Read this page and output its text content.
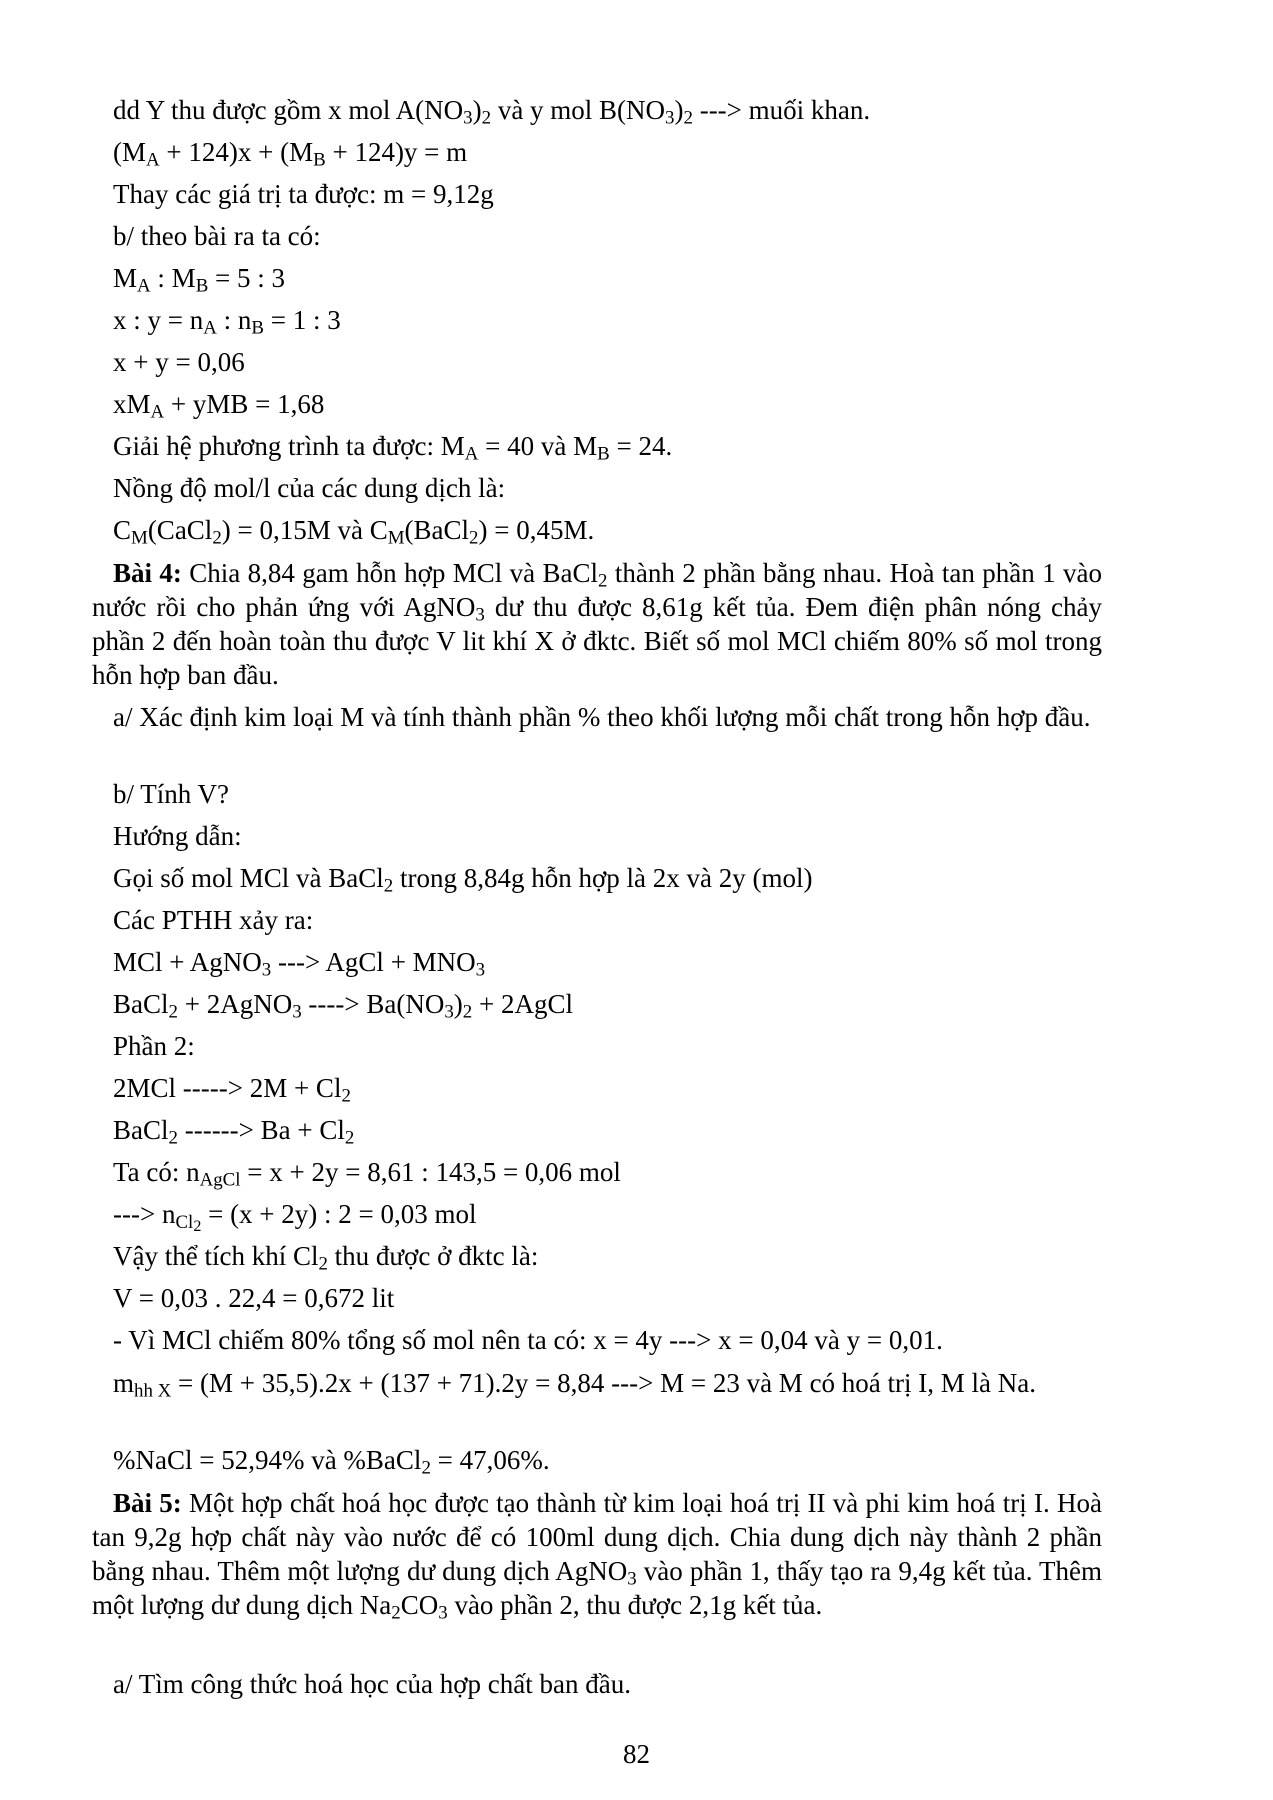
dd Y thu được gồm x mol $A(NO_3)_2$ và y mol $B(NO_3)_2$ ---> muối khan.
$(M_A + 124)x + (M_B + 124)y = m$
Thay các giá trị ta được: m = 9,12g
b/ theo bài ra ta có:
$M_A$ : $M_B = 5$ : 3
x : $y = n_A$ : $n_B = 1$ : 3
x + y = 0,06
$xM_A$ + yMB = 1,68
Giải hệ phương trình ta được: $M_A = 40$ và $M_B = 24$.
Nồng độ mol/l của các dung dịch là:
$C_M(CaCl_2) = 0,15M$ và $C_M(BaCl_2) = 0,45M$.
Bài 4: Chia 8,84 gam hỗn hợp MCl và BaCl$_2$ thành 2 phần bằng nhau. Hoà tan phần 1 vào nước rồi cho phản ứng với AgNO$_3$ dư thu được 8,61g kết tủa. Đem điện phân nóng chảy phần 2 đến hoàn toàn thu được V lit khí X ở đktc. Biết số mol MCl chiếm 80% số mol trong hỗn hợp ban đầu.
a/ Xác định kim loại M và tính thành phần % theo khối lượng mỗi chất trong hỗn hợp đầu.
b/ Tính V?
Hướng dẫn:
Gọi số mol MCl và BaCl$_2$ trong 8,84g hỗn hợp là 2x và 2y (mol)
Các PTHH xảy ra:
MCl + AgNO$_3$ ---> AgCl + $MNO_3$
BaCl$_2$ + 2AgNO$_3$ ----> $Ba(NO_3)_2$ + 2AgCl
Phần 2:
2MCl -----> $2M + Cl_2$
BaCl$_2$ ------> $Ba + Cl_2$
Ta có: $n_{AgCl} = x + 2y = 8,61$ : 143,5 = 0,06 mol
---> $n_{Cl_2} = (x + 2y)$ : 2 = 0,03 mol
Vậy thể tích khí $Cl_2$ thu được ở đktc là:
V = 0,03 . 22,4 = 0,672 lit
- Vì MCl chiếm 80% tổng số mol nên ta có: x = 4y ---> x = 0,04 và y = 0,01.
$m_{hh X} = (M + 35,5).2x + (137 + 71).2y = 8,84$ ---> M = 23 và M có hoá trị I, M là Na.
%NaCl = 52,94% và %BaCl$_2$ = 47,06%.
Bài 5: Một hợp chất hoá học được tạo thành từ kim loại hoá trị II và phi kim hoá trị I. Hoà tan 9,2g hợp chất này vào nước để có 100ml dung dịch. Chia dung dịch này thành 2 phần bằng nhau. Thêm một lượng dư dung dịch AgNO$_3$ vào phần 1, thấy tạo ra 9,4g kết tủa. Thêm một lượng dư dung dịch $Na_2CO_3$ vào phần 2, thu được 2,1g kết tủa.
a/ Tìm công thức hoá học của hợp chất ban đầu.
82
